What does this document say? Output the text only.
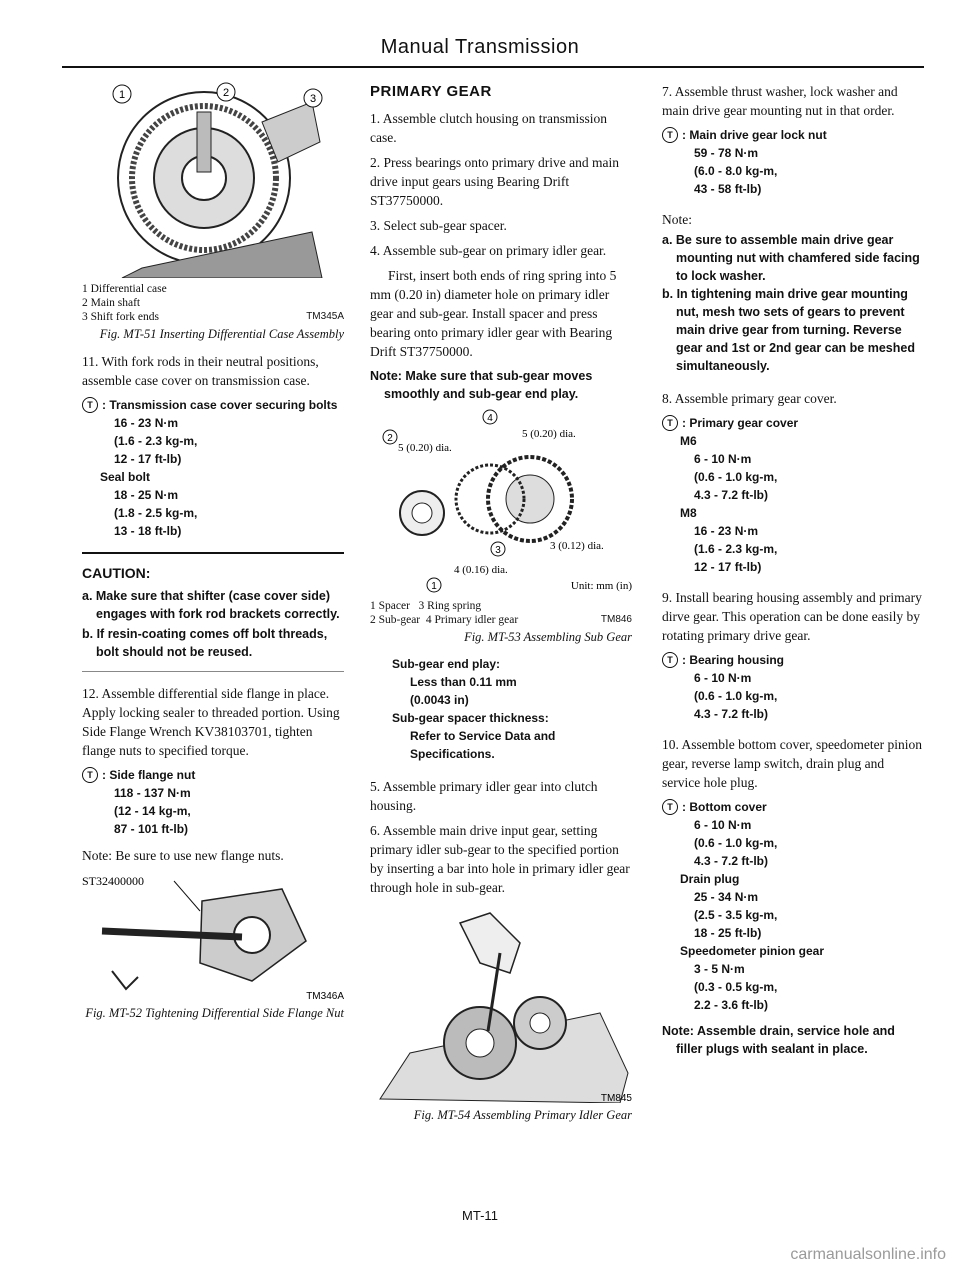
Manual Transmission
1	2	3
1 Differential case
2 Main shaft
3 Shift fork ends	TM345A
Fig. MT-51 Inserting Differential Case Assembly

11. With fork rods in their neutral positions, assemble case cover on transmission case.

T : Transmission case cover securing bolts
16 - 23 N·m
(1.6 - 2.3 kg-m,
12 - 17 ft-lb)
Seal bolt
18 - 25 N·m
(1.8 - 2.5 kg-m,
13 - 18 ft-lb)
CAUTION:
a. Make sure that shifter (case cover side) engages with fork rod brackets correctly.
b. If resin-coating comes off bolt threads, bolt should not be reused.

12. Assemble differential side flange in place. Apply locking sealer to threaded portion. Using Side Flange Wrench KV38103701, tighten flange nuts to specified torque.

T : Side flange nut
118 - 137 N·m
(12 - 14 kg-m,
87 - 101 ft-lb)

Note: Be sure to use new flange nuts.

ST32400000
TM346A
Fig. MT-52 Tightening Differential Side Flange Nut
PRIMARY GEAR

1. Assemble clutch housing on transmission case.

2. Press bearings onto primary drive and main drive input gears using Bearing Drift ST37750000.

3. Select sub-gear spacer.

4. Assemble sub-gear on primary idler gear.

First, insert both ends of ring spring into 5 mm (0.20 in) diameter hole on primary idler gear and sub-gear. Install spacer and press bearing onto primary idler gear with Bearing Drift ST37750000.

Note: Make sure that sub-gear moves smoothly and sub-gear end play.
4
2	5 (0.20) dia.
5 (0.20) dia.
3 (0.12) dia.
3
4 (0.16) dia.
1	Unit: mm (in)
1 Spacer 3 Ring spring
2 Sub-gear 4 Primary idler gear	TM846
Fig. MT-53 Assembling Sub Gear
Sub-gear end play:
Less than 0.11 mm
(0.0043 in)
Sub-gear spacer thickness:
Refer to Service Data and
Specifications.

5. Assemble primary idler gear into clutch housing.

6. Assemble main drive input gear, setting primary idler sub-gear to the specified portion by inserting a bar into hole in primary idler gear through hole in sub-gear.

TM845
Fig. MT-54 Assembling Primary Idler Gear

7. Assemble thrust washer, lock washer and main drive gear mounting nut in that order.

T : Main drive gear lock nut
59 - 78 N·m
(6.0 - 8.0 kg-m,
43 - 58 ft-lb)

Note:

a. Be sure to assemble main drive gear mounting nut with chamfered side facing to lock washer.
b. In tightening main drive gear mounting nut, mesh two sets of gears to prevent main drive gear from turning. Reverse gear and 1st or 2nd gear can be meshed simultaneously.

8. Assemble primary gear cover.

T : Primary gear cover
M6
6 - 10 N·m
(0.6 - 1.0 kg-m,
4.3 - 7.2 ft-lb)
M8
16 - 23 N·m
(1.6 - 2.3 kg-m,
12 - 17 ft-lb)

9. Install bearing housing assembly and primary dirve gear. This operation can be done easily by rotating primary drive gear.

T : Bearing housing
6 - 10 N·m
(0.6 - 1.0 kg-m,
4.3 - 7.2 ft-lb)

10. Assemble bottom cover, speedometer pinion gear, reverse lamp switch, drain plug and service hole plug.

T : Bottom cover
6 - 10 N·m
(0.6 - 1.0 kg-m,
4.3 - 7.2 ft-lb)
Drain plug
25 - 34 N·m
(2.5 - 3.5 kg-m,
18 - 25 ft-lb)
Speedometer pinion gear
3 - 5 N·m
(0.3 - 0.5 kg-m,
2.2 - 3.6 ft-lb)
Note: Assemble drain, service hole and filler plugs with sealant in place.
MT-11
carmanualsonline.info
